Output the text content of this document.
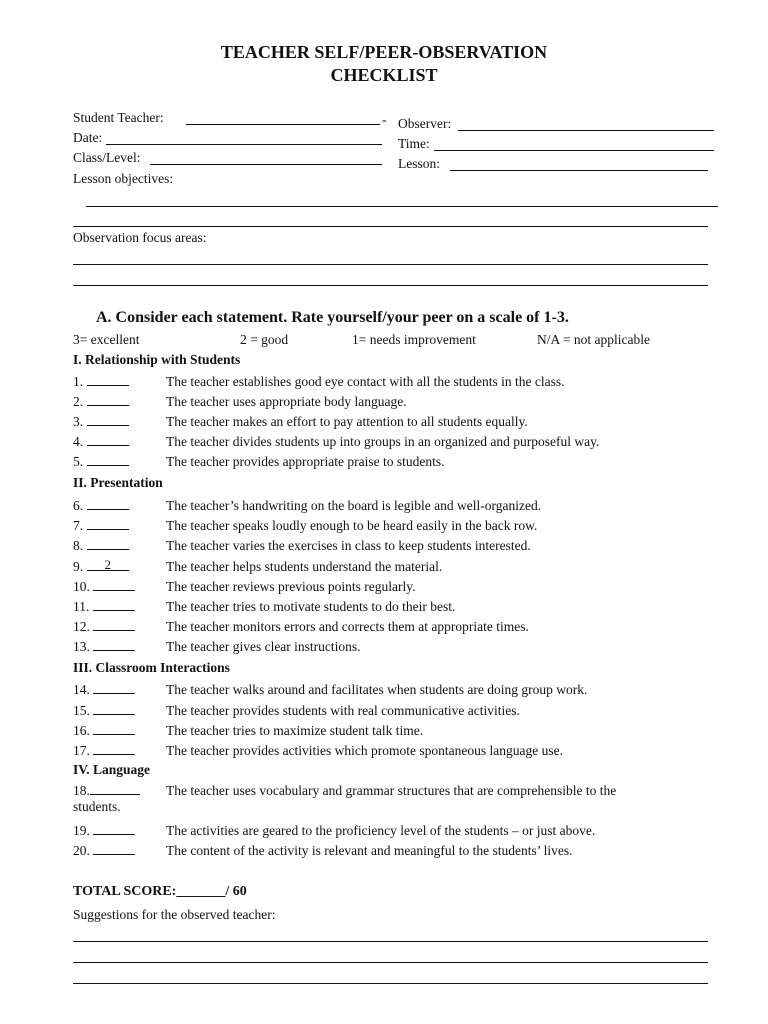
TEACHER SELF/PEER-OBSERVATION
CHECKLIST
Student Teacher:	- Observer:
Date:	Time:
Class/Level:	Lesson:
Lesson objectives:
Observation focus areas:
A. Consider each statement. Rate yourself/your peer on a scale of 1-3.
3= excellent	2 = good	1= needs improvement	N/A = not applicable
I. Relationship with Students
II. Presentation
III. Classroom Interactions
IV. Language
1.	The teacher establishes good eye contact with all the students in the class.
2.	The teacher uses appropriate body language.
3.	The teacher makes an effort to pay attention to all students equally.
4.	The teacher divides students up into groups in an organized and purposeful way.
5.	The teacher provides appropriate praise to students.
6.	The teacher’s handwriting on the board is legible and well-organized.
7.	The teacher speaks loudly enough to be heard easily in the back row.
8.	The teacher varies the exercises in class to keep students interested.
9. 2	The teacher helps students understand the material.
10.	The teacher reviews previous points regularly.
11.	The teacher tries to motivate students to do their best.
12.	The teacher monitors errors and corrects them at appropriate times.
13.	The teacher gives clear instructions.
14.	The teacher walks around and facilitates when students are doing group work.
15.	The teacher provides students with real communicative activities.
16.	The teacher tries to maximize student talk time.
17.	The teacher provides activities which promote spontaneous language use.
18.	The teacher uses vocabulary and grammar structures that are comprehensible to the
students.
19.	The activities are geared to the proficiency level of the students – or just above.
20.	The content of the activity is relevant and meaningful to the students’ lives.
TOTAL SCORE:_______/ 60
Suggestions for the observed teacher:
